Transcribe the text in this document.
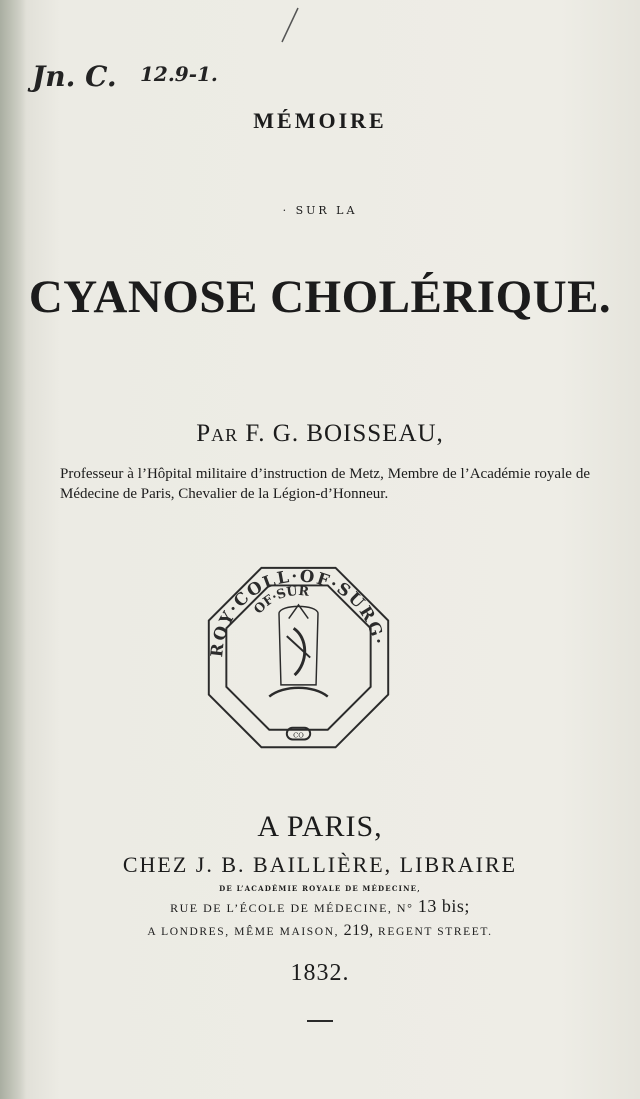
Jn. C. 12.9-1.
MÉMOIRE
· SUR LA
CYANOSE CHOLÉRIQUE.
Par F. G. BOISSEAU,
Professeur à l’Hôpital militaire d’instruction de Metz, Membre de l’Académie royale de Médecine de Paris, Chevalier de la Légion-d’Honneur.
ROY·COLL·OF·SURG·
OF·SUR
CO
A PARIS,
CHEZ J. B. BAILLIÈRE, LIBRAIRE
DE L’ACADÉMIE ROYALE DE MÉDECINE,
RUE DE L’ÉCOLE DE MÉDECINE, N° 13 bis;
A LONDRES, MÊME MAISON, 219, REGENT STREET.
1832.
